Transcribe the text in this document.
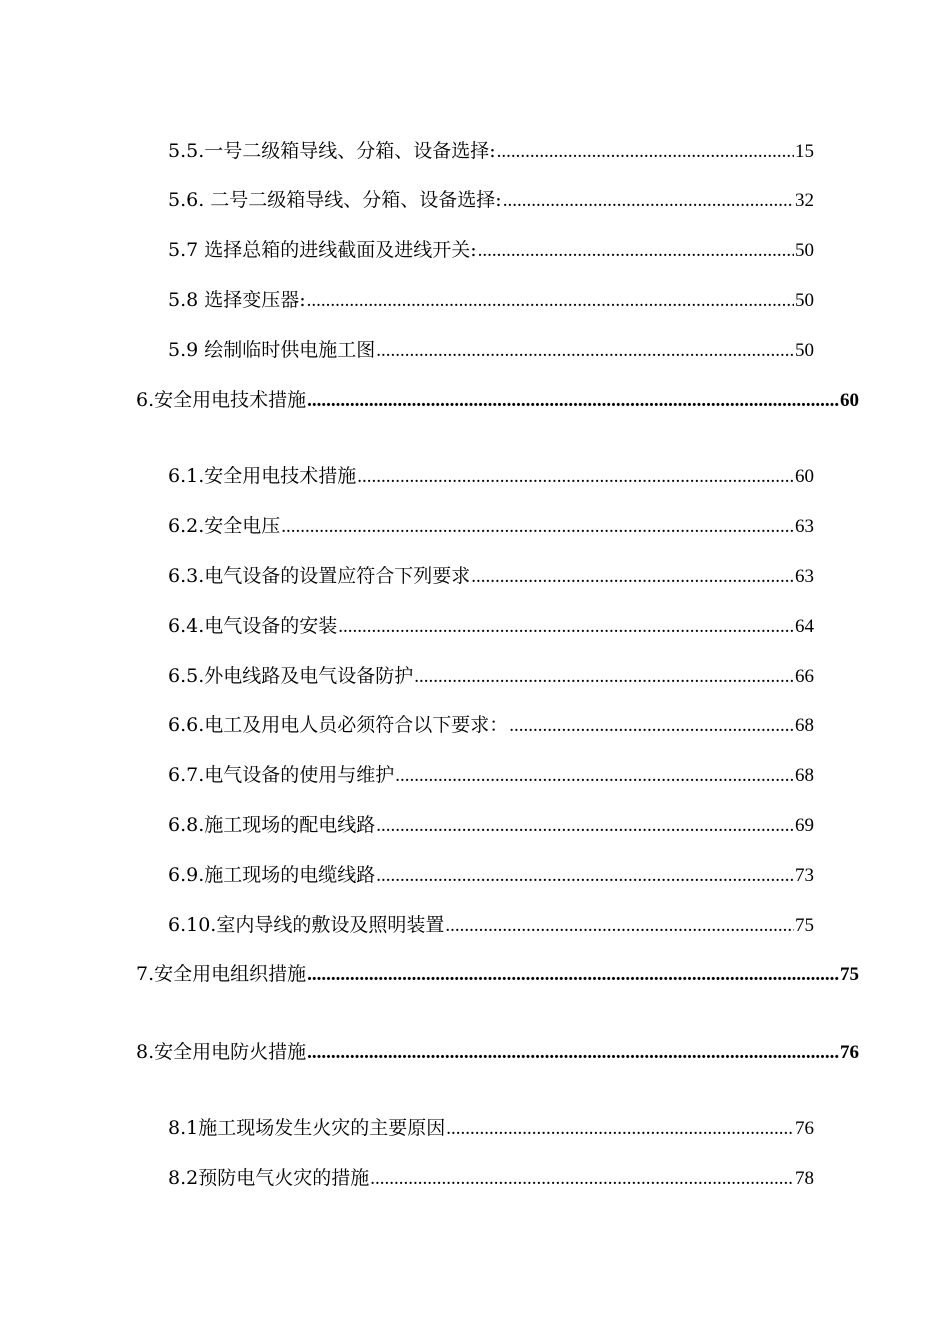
5.5.一号二级箱导线、分箱、设备选择: .....	15
5.6. 二号二级箱导线、分箱、设备选择: .....	32
5.7 选择总箱的进线截面及进线开关: .....	50
5.8 选择变压器: .....	50
5.9 绘制临时供电施工图 .....	50
6.安全用电技术措施 .....	60
6.1.安全用电技术措施 .....	60
6.2.安全电压 .....	63
6.3.电气设备的设置应符合下列要求 .....	63
6.4.电气设备的安装 .....	64
6.5.外电线路及电气设备防护 .....	66
6.6.电工及用电人员必须符合以下要求： .....	68
6.7.电气设备的使用与维护 .....	68
6.8.施工现场的配电线路 .....	69
6.9.施工现场的电缆线路 .....	73
6.10.室内导线的敷设及照明装置 .....	75
7.安全用电组织措施 .....	75
8.安全用电防火措施 .....	76
8.1施工现场发生火灾的主要原因 .....	76
8.2预防电气火灾的措施 .....	78
